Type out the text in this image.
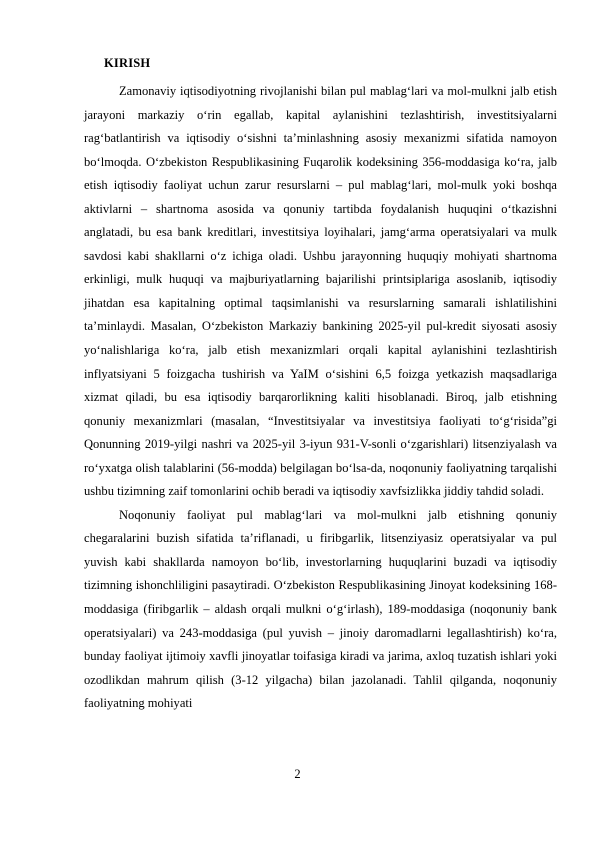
KIRISH

Zamonaviy iqtisodiyotning rivojlanishi bilan pul mablagʻlari va mol-mulkni jalb etish jarayoni markaziy oʻrin egallab, kapital aylanishini tezlashtirish, investitsiyalarni ragʻbatlantirish va iqtisodiy oʻsishni taʼminlashning asosiy mexanizmi sifatida namoyon boʻlmoqda. Oʻzbekiston Respublikasining Fuqarolik kodeksining 356-moddasiga koʻra, jalb etish iqtisodiy faoliyat uchun zarur resurslarni – pul mablagʻlari, mol-mulk yoki boshqa aktivlarni – shartnoma asosida va qonuniy tartibda foydalanish huquqini oʻtkazishni anglatadi, bu esa bank kreditlari, investitsiya loyihalari, jamgʻarma operatsiyalari va mulk savdosi kabi shakllarni oʻz ichiga oladi. Ushbu jarayonning huquqiy mohiyati shartnoma erkinligi, mulk huquqi va majburiyatlarning bajarilishi printsiplariga asoslanib, iqtisodiy jihatdan esa kapitalning optimal taqsimlanishi va resurslarning samarali ishlatilishini taʼminlaydi. Masalan, Oʻzbekiston Markaziy bankining 2025-yil pul-kredit siyosati asosiy yoʻnalishlariga koʻra, jalb etish mexanizmlari orqali kapital aylanishini tezlashtirish inflyatsiyani 5 foizgacha tushirish va YaIM oʻsishini 6,5 foizga yetkazish maqsadlariga xizmat qiladi, bu esa iqtisodiy barqarorlikning kaliti hisoblanadi. Biroq, jalb etishning qonuniy mexanizmlari (masalan, “Investitsiyalar va investitsiya faoliyati toʻgʻrisida”gi Qonunning 2019-yilgi nashri va 2025-yil 3-iyun 931-V-sonli oʻzgarishlari) litsenziyalash va roʻyxatga olish talablarini (56-modda) belgilagan boʻlsa-da, noqonuniy faoliyatning tarqalishi ushbu tizimning zaif tomonlarini ochib beradi va iqtisodiy xavfsizlikka jiddiy tahdid soladi.

Noqonuniy faoliyat pul mablagʻlari va mol-mulkni jalb etishning qonuniy chegaralarini buzish sifatida taʼriflanadi, u firibgarlik, litsenziyasiz operatsiyalar va pul yuvish kabi shakllarda namoyon boʻlib, investorlarning huquqlarini buzadi va iqtisodiy tizimning ishonchliligini pasaytiradi. Oʻzbekiston Respublikasining Jinoyat kodeksining 168-moddasiga (firibgarlik – aldash orqali mulkni oʻgʻirlash), 189-moddasiga (noqonuniy bank operatsiyalari) va 243-moddasiga (pul yuvish – jinoiy daromadlarni legallashtirish) koʻra, bunday faoliyat ijtimoiy xavfli jinoyatlar toifasiga kiradi va jarima, axloq tuzatish ishlari yoki ozodlikdan mahrum qilish (3-12 yilgacha) bilan jazolanadi. Tahlil qilganda, noqonuniy faoliyatning mohiyati

2
